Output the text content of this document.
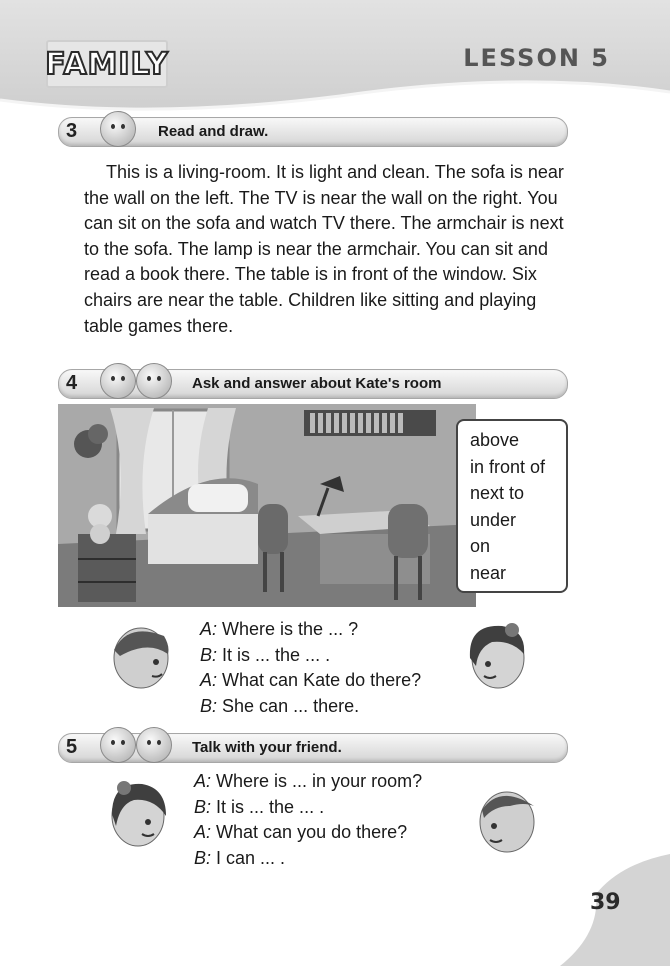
FAMILY	LESSON 5
3	Read and draw.

This is a living-room. It is light and clean. The sofa is near the wall on the left. The TV is near the wall on the right. You can sit on the sofa and watch TV there. The armchair is next to the sofa. The lamp is near the armchair. You can sit and read a book there. The table is in front of the window. Six chairs are near the table. Children like sitting and playing table games there.

4	Ask and answer about Kate's room
above
in front of
next to
under
on
near
A: Where is the ... ?
B: It is ... the ... .
A: What can Kate do there?
B: She can ... there.
5	Talk with your friend.
A: Where is ... in your room?
B: It is ... the ... .
A: What can you do there?
B: I can ... .
39
